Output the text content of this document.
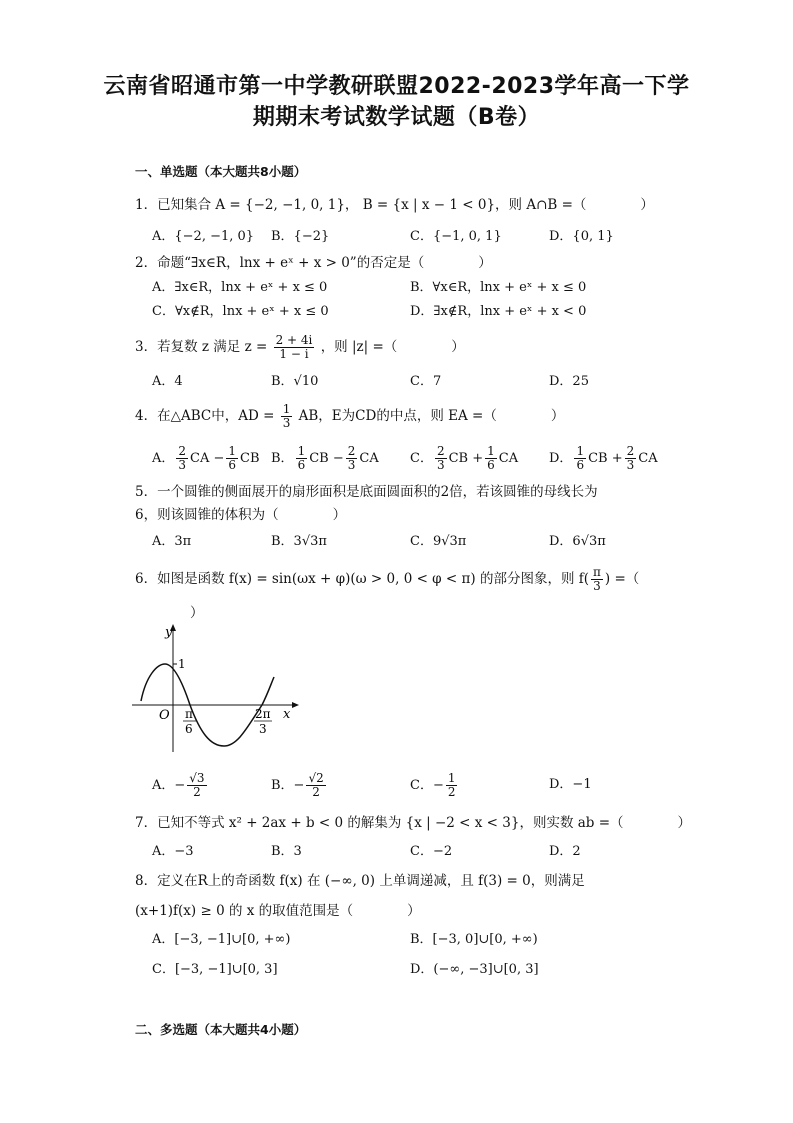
云南省昭通市第一中学教研联盟2022-2023学年高一下学
期期末考试数学试题（B卷）
一、单选题（本大题共8小题）
1．已知集合 A = {−2, −1, 0, 1}， B = {x | x − 1 < 0}，则 A∩B =（　　　　）
A．{−2, −1, 0} B．{−2}	C．{−1, 0, 1}	D．{0, 1}
2．命题“∃x∈R，lnx + eˣ + x > 0”的否定是（　　　　）
A．∃x∈R，lnx + eˣ + x ≤ 0	B．∀x∈R，lnx + eˣ + x ≤ 0
C．∀x∉R，lnx + eˣ + x ≤ 0	D．∃x∉R，lnx + eˣ + x < 0
3．若复数 z 满足 $z = \frac{2 + 4i}{1 - i}$ ，则 |z| =（　　　　）
A．4	B．√10	C．7	D．25
4．在△ABC中，AD = $\frac{1}{3}$ AB，E为CD的中点，则 EA =（　　　　）
A． $\frac{2}{3}$ CA − $\frac{1}{6}$ CB B． $\frac{1}{6}$ CB − $\frac{2}{3}$ CA C． $\frac{2}{3}$ CB + $\frac{1}{6}$ CA D． $\frac{1}{6}$ CB + $\frac{2}{3}$ CA
5．一个圆锥的侧面展开的扇形面积是底面圆面积的2倍，若该圆锥的母线长为
6，则该圆锥的体积为（　　　　）
A．3π	B．3√3π	C．9√3π	D．6√3π
6．如图是函数 f(x) = sin(ωx + φ)(ω > 0, 0 < φ < π) 的部分图象，则 $f( \frac{\pi}{3}$ ) =（
）
y
x
O
1
π
6
2π
3
A．− $\frac{√3}{2}$	B．− $\frac{√2}{2}$	C．− $\frac{1}{2}$	D．−1
7．已知不等式 x² + 2ax + b < 0 的解集为 {x | −2 < x < 3}，则实数 ab =（　　　　）
A．−3	B．3	C．−2	D．2
8．定义在R上的奇函数 f(x) 在 (−∞, 0) 上单调递减，且 f(3) = 0，则满足
(x+1)f(x) ≥ 0 的 x 的取值范围是（　　　　）
A．[−3, −1]∪[0, +∞)	B．[−3, 0]∪[0, +∞)
C．[−3, −1]∪[0, 3]	D．(−∞, −3]∪[0, 3]
二、多选题（本大题共4小题）
